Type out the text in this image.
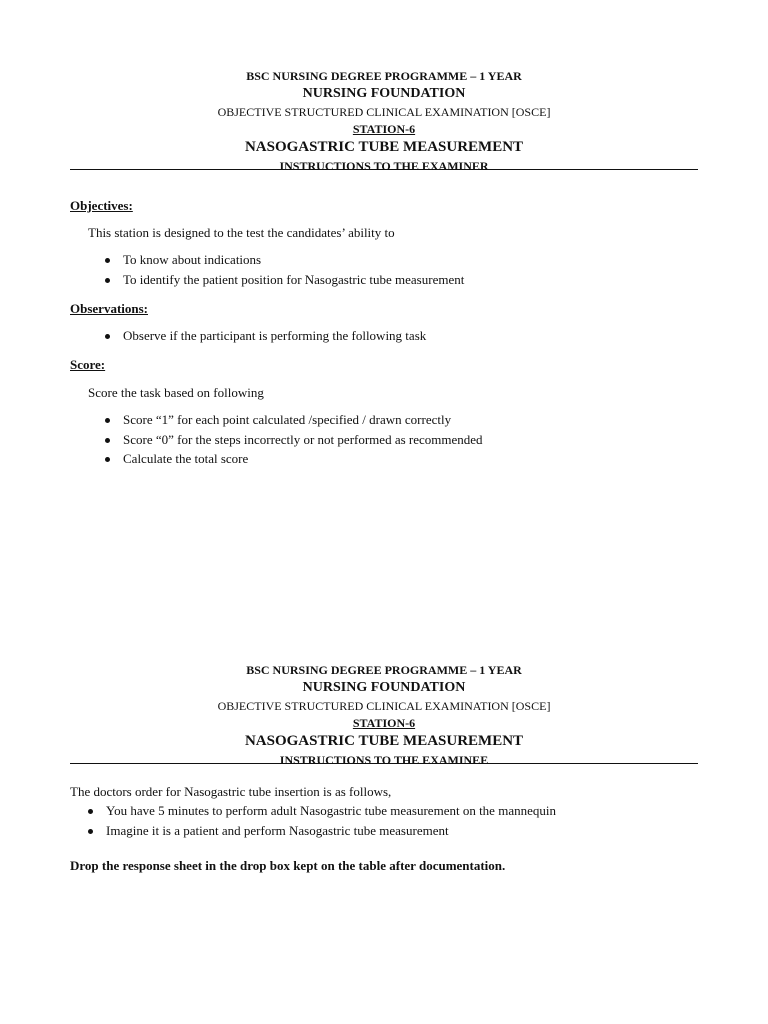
BSC NURSING DEGREE PROGRAMME – 1 YEAR
NURSING FOUNDATION
OBJECTIVE STRUCTURED CLINICAL EXAMINATION [OSCE]
STATION-6
NASOGASTRIC TUBE MEASUREMENT
INSTRUCTIONS TO THE EXAMINER
Objectives:
This station is designed to the test the candidates’ ability to
To know about indications
To identify the patient position for Nasogastric tube measurement
Observations:
Observe if the participant is performing the following task
Score:
Score the task based on following
Score “1” for each point calculated /specified / drawn correctly
Score “0” for the steps incorrectly or not performed as recommended
Calculate the total score
BSC NURSING DEGREE PROGRAMME – 1 YEAR
NURSING FOUNDATION
OBJECTIVE STRUCTURED CLINICAL EXAMINATION [OSCE]
STATION-6
NASOGASTRIC TUBE MEASUREMENT
INSTRUCTIONS TO THE EXAMINEE
The doctors order for Nasogastric tube insertion is as follows,
You have 5 minutes to perform adult Nasogastric tube measurement on the mannequin
Imagine it is a patient and perform Nasogastric tube measurement
Drop the response sheet in the drop box kept on the table after documentation.
